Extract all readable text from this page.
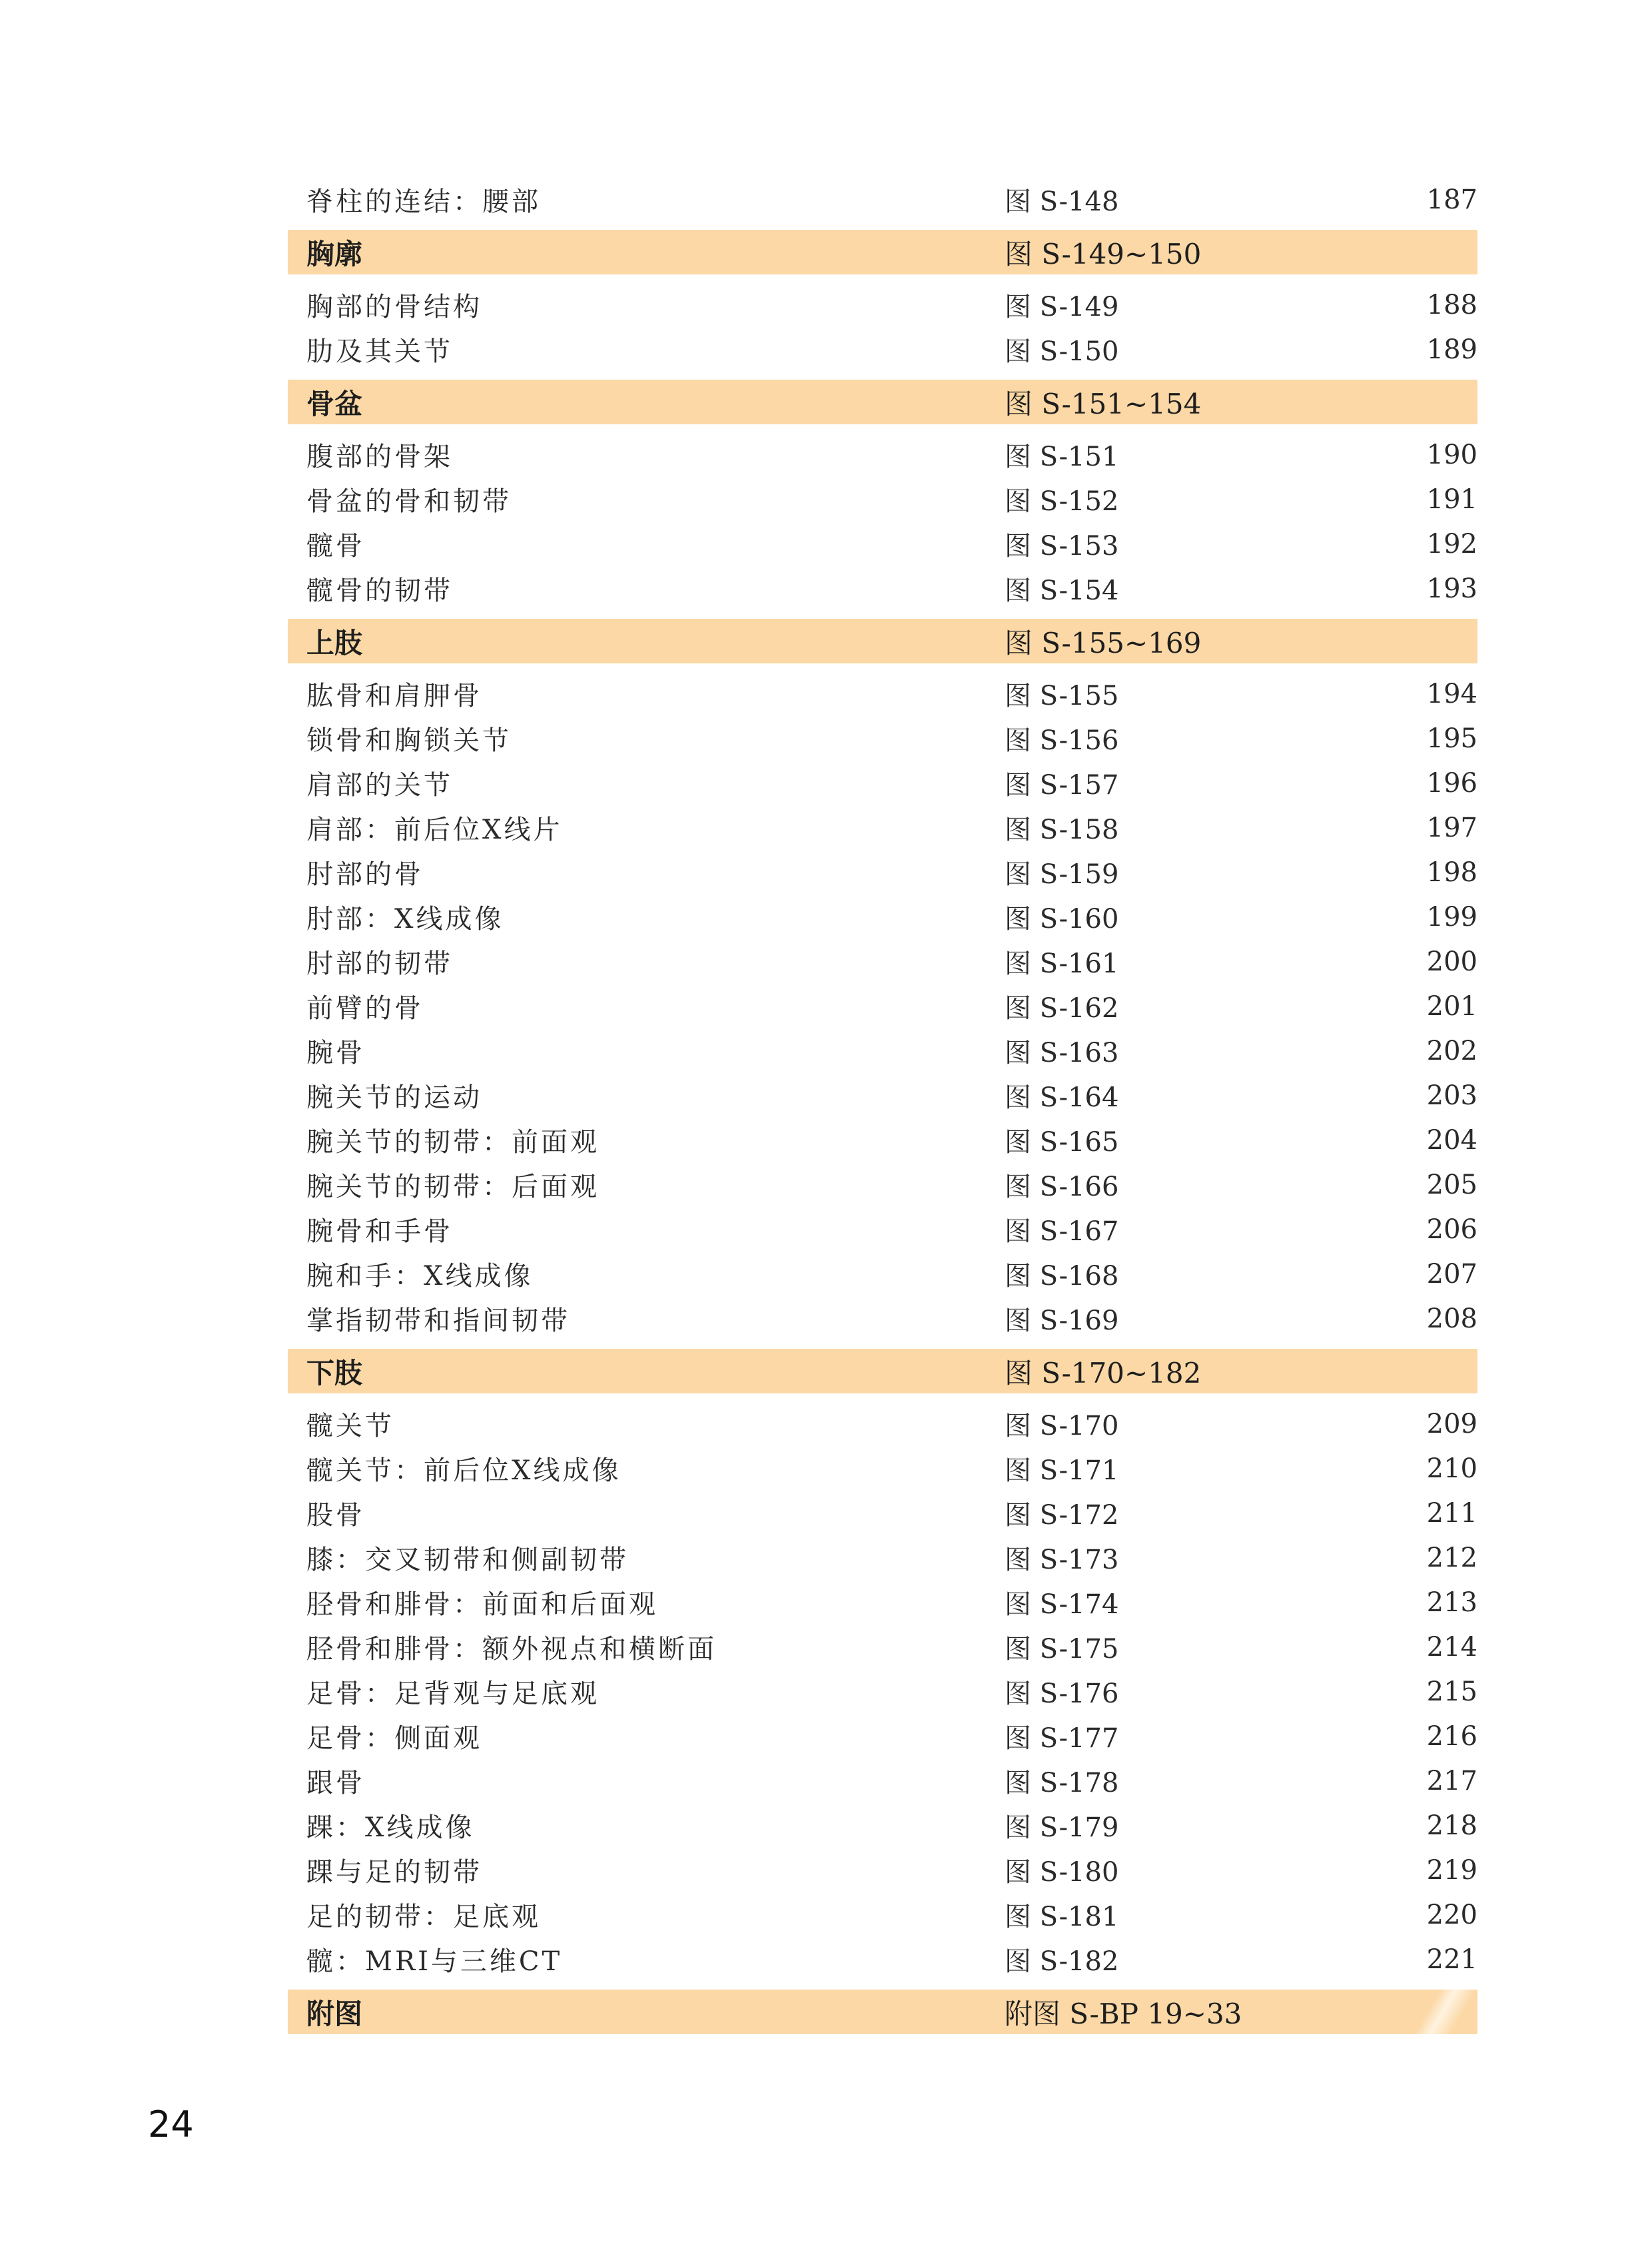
脊柱的连结：腰部	图 S-148	187
胸廓	图 S-149~150
胸部的骨结构	图 S-149	188
肋及其关节	图 S-150	189
骨盆	图 S-151~154
腹部的骨架	图 S-151	190
骨盆的骨和韧带	图 S-152	191
髋骨	图 S-153	192
髋骨的韧带	图 S-154	193
上肢	图 S-155~169
肱骨和肩胛骨	图 S-155	194
锁骨和胸锁关节	图 S-156	195
肩部的关节	图 S-157	196
肩部：前后位X线片	图 S-158	197
肘部的骨	图 S-159	198
肘部：X线成像	图 S-160	199
肘部的韧带	图 S-161	200
前臂的骨	图 S-162	201
腕骨	图 S-163	202
腕关节的运动	图 S-164	203
腕关节的韧带：前面观	图 S-165	204
腕关节的韧带：后面观	图 S-166	205
腕骨和手骨	图 S-167	206
腕和手：X线成像	图 S-168	207
掌指韧带和指间韧带	图 S-169	208
下肢	图 S-170~182
髋关节	图 S-170	209
髋关节：前后位X线成像	图 S-171	210
股骨	图 S-172	211
膝：交叉韧带和侧副韧带	图 S-173	212
胫骨和腓骨：前面和后面观	图 S-174	213
胫骨和腓骨：额外视点和横断面	图 S-175	214
足骨：足背观与足底观	图 S-176	215
足骨：侧面观	图 S-177	216
跟骨	图 S-178	217
踝：X线成像	图 S-179	218
踝与足的韧带	图 S-180	219
足的韧带：足底观	图 S-181	220
髋：MRI与三维CT	图 S-182	221
附图	附图 S-BP 19~33
24
